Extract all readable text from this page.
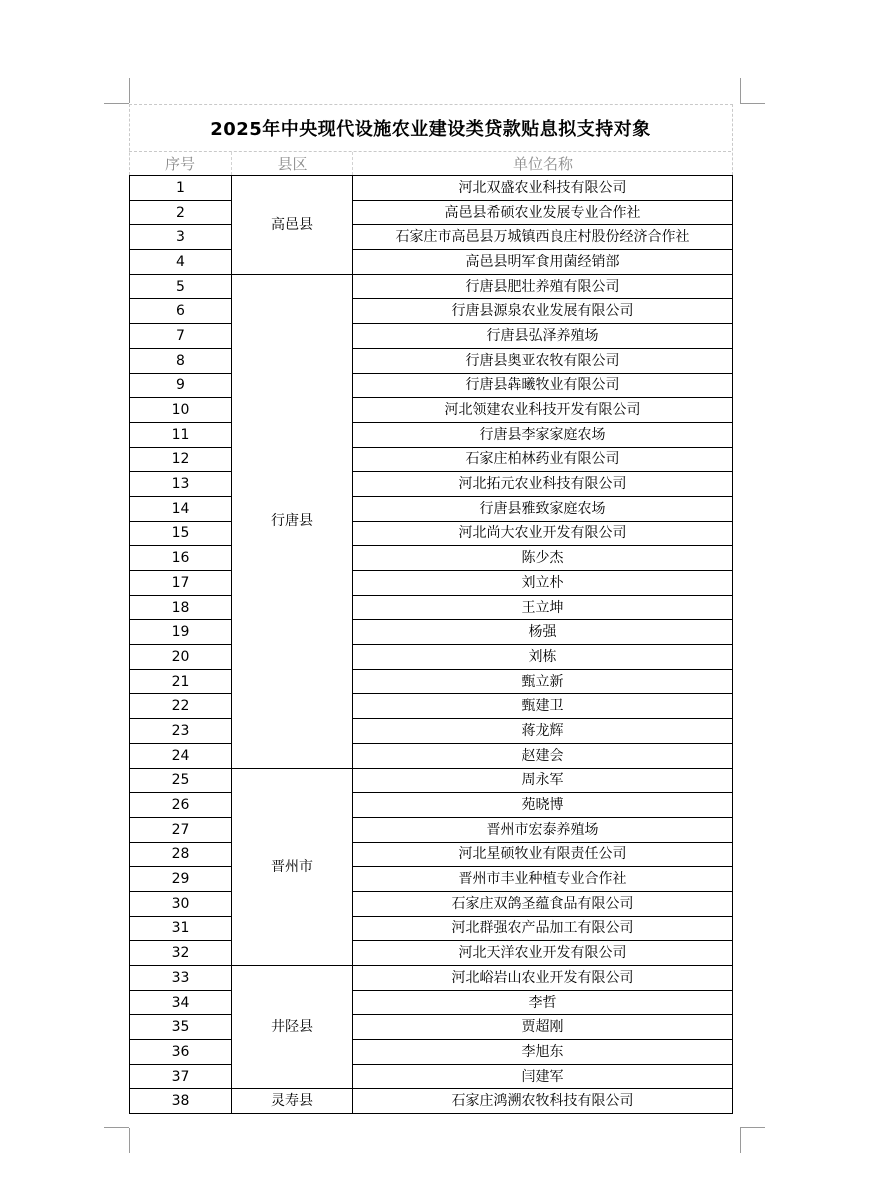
2025年中央现代设施农业建设类贷款贴息拟支持对象
序号	县区	单位名称
1	高邑县	河北双盛农业科技有限公司
2		高邑县希硕农业发展专业合作社
3		石家庄市高邑县万城镇西良庄村股份经济合作社
4		高邑县明军食用菌经销部
5	行唐县	行唐县肥壮养殖有限公司
6		行唐县源泉农业发展有限公司
7		行唐县弘泽养殖场
8		行唐县奥亚农牧有限公司
9		行唐县犇曦牧业有限公司
10		河北领建农业科技开发有限公司
11		行唐县李家家庭农场
12		石家庄柏林药业有限公司
13		河北拓元农业科技有限公司
14		行唐县雅致家庭农场
15		河北尚大农业开发有限公司
16		陈少杰
17		刘立朴
18		王立坤
19		杨强
20		刘栋
21		甄立新
22		甄建卫
23		蒋龙辉
24		赵建会
25	晋州市	周永军
26		苑晓博
27		晋州市宏泰养殖场
28		河北星硕牧业有限责任公司
29		晋州市丰业种植专业合作社
30		石家庄双鸽圣蕴食品有限公司
31		河北群强农产品加工有限公司
32		河北天洋农业开发有限公司
33	井陉县	河北峪岩山农业开发有限公司
34		李哲
35		贾超刚
36		李旭东
37		闫建军
38	灵寿县	石家庄鸿溯农牧科技有限公司
